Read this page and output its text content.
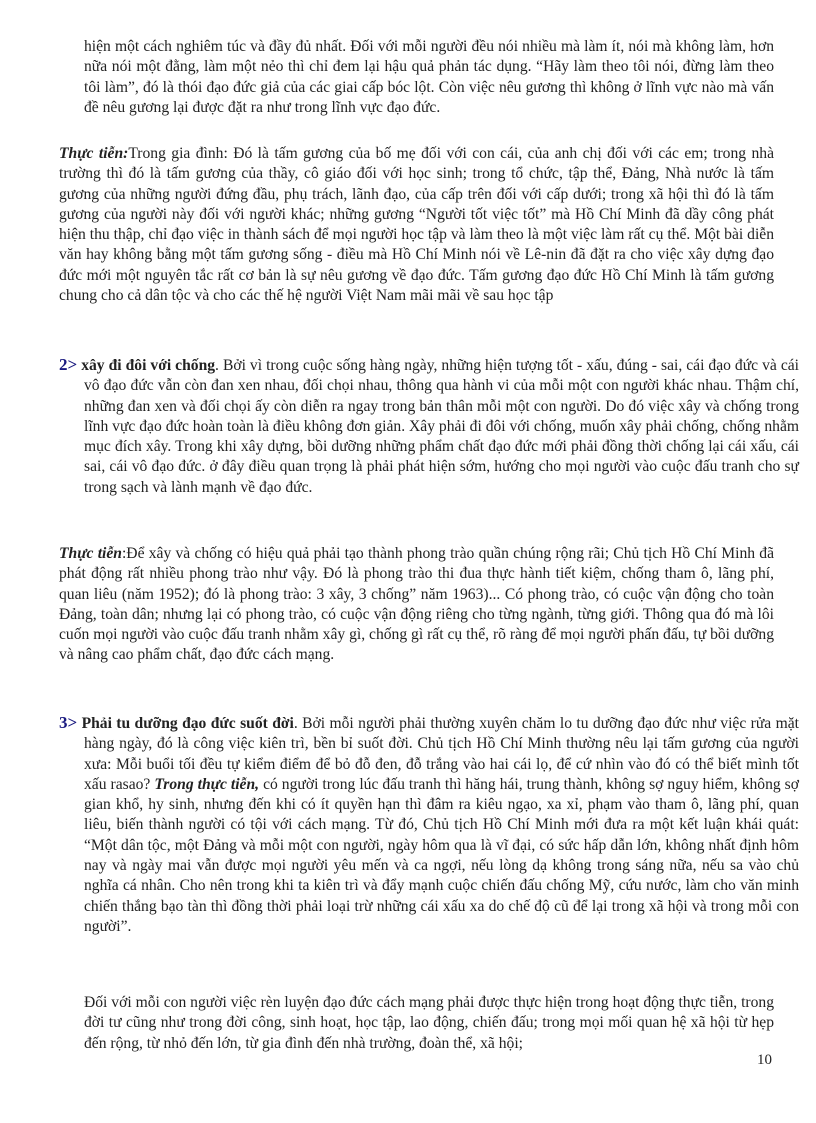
hiện một cách nghiêm túc và đầy đủ nhất. Đối với mỗi người đều nói nhiều mà làm ít, nói mà không làm, hơn nữa nói một đằng, làm một nẻo thì chỉ đem lại hậu quả phản tác dụng. “Hãy làm theo tôi nói, đừng làm theo tôi làm”, đó là thói đạo đức giả của các giai cấp bóc lột. Còn việc nêu gương thì không ở lĩnh vực nào mà vấn đề nêu gương lại được đặt ra như trong lĩnh vực đạo đức.

Thực tiễn:Trong gia đình: Đó là tấm gương của bố mẹ đối với con cái, của anh chị đối với các em; trong nhà trường thì đó là tấm gương của thầy, cô giáo đối với học sinh; trong tổ chức, tập thể, Đảng, Nhà nước là tấm gương của những người đứng đầu, phụ trách, lãnh đạo, của cấp trên đối với cấp dưới; trong xã hội thì đó là tấm gương của người này đối với người khác; những gương “Người tốt việc tốt” mà Hồ Chí Minh đã dầy công phát hiện thu thập, chỉ đạo việc in thành sách để mọi người học tập và làm theo là một việc làm rất cụ thể. Một bài diễn văn hay không bằng một tấm gương sống - điều mà Hồ Chí Minh nói về Lê-nin đã đặt ra cho việc xây dựng đạo đức mới một nguyên tắc rất cơ bản là sự nêu gương về đạo đức. Tấm gương đạo đức Hồ Chí Minh là tấm gương chung cho cả dân tộc và cho các thế hệ người Việt Nam mãi mãi về sau học tập

2> xây đi đôi với chống. Bởi vì trong cuộc sống hàng ngày, những hiện tượng tốt - xấu, đúng - sai, cái đạo đức và cái vô đạo đức vẫn còn đan xen nhau, đối chọi nhau, thông qua hành vi của mỗi một con người khác nhau. Thậm chí, những đan xen và đối chọi ấy còn diễn ra ngay trong bản thân mỗi một con người. Do đó việc xây và chống trong lĩnh vực đạo đức hoàn toàn là điều không đơn giản. Xây phải đi đôi với chống, muốn xây phải chống, chống nhằm mục đích xây. Trong khi xây dựng, bồi dưỡng những phẩm chất đạo đức mới phải đồng thời chống lại cái xấu, cái sai, cái vô đạo đức. ở đây điều quan trọng là phải phát hiện sớm, hướng cho mọi người vào cuộc đấu tranh cho sự trong sạch và lành mạnh về đạo đức.

Thực tiễn:Để xây và chống có hiệu quả phải tạo thành phong trào quần chúng rộng rãi; Chủ tịch Hồ Chí Minh đã phát động rất nhiều phong trào như vậy. Đó là phong trào thi đua thực hành tiết kiệm, chống tham ô, lãng phí, quan liêu (năm 1952); đó là phong trào: 3 xây, 3 chống” năm 1963)... Có phong trào, có cuộc vận động cho toàn Đảng, toàn dân; nhưng lại có phong trào, có cuộc vận động riêng cho từng ngành, từng giới. Thông qua đó mà lôi cuốn mọi người vào cuộc đấu tranh nhằm xây gì, chống gì rất cụ thể, rõ ràng để mọi người phấn đấu, tự bồi dưỡng và nâng cao phẩm chất, đạo đức cách mạng.

3> Phải tu dưỡng đạo đức suốt đời. Bởi mỗi người phải thường xuyên chăm lo tu dưỡng đạo đức như việc rửa mặt hàng ngày, đó là công việc kiên trì, bền bỉ suốt đời. Chủ tịch Hồ Chí Minh thường nêu lại tấm gương của người xưa: Mỗi buổi tối đều tự kiểm điểm để bỏ đỗ đen, đỗ trắng vào hai cái lọ, để cứ nhìn vào đó có thể biết mình tốt xấu rasao? Trong thực tiễn, có người trong lúc đấu tranh thì hăng hái, trung thành, không sợ nguy hiểm, không sợ gian khổ, hy sinh, nhưng đến khi có ít quyền hạn thì đâm ra kiêu ngạo, xa xỉ, phạm vào tham ô, lãng phí, quan liêu, biến thành người có tội với cách mạng. Từ đó, Chủ tịch Hồ Chí Minh mới đưa ra một kết luận khái quát: “Một dân tộc, một Đảng và mỗi một con người, ngày hôm qua là vĩ đại, có sức hấp dẫn lớn, không nhất định hôm nay và ngày mai vẫn được mọi người yêu mến và ca ngợi, nếu lòng dạ không trong sáng nữa, nếu sa vào chủ nghĩa cá nhân. Cho nên trong khi ta kiên trì và đẩy mạnh cuộc chiến đấu chống Mỹ, cứu nước, làm cho văn minh chiến thắng bạo tàn thì đồng thời phải loại trừ những cái xấu xa do chế độ cũ để lại trong xã hội và trong mỗi con người”.

Đối với mỗi con người việc rèn luyện đạo đức cách mạng phải được thực hiện trong hoạt động thực tiễn, trong đời tư cũng như trong đời công, sinh hoạt, học tập, lao động, chiến đấu; trong mọi mối quan hệ xã hội từ hẹp đến rộng, từ nhỏ đến lớn, từ gia đình đến nhà trường, đoàn thể, xã hội;

10
